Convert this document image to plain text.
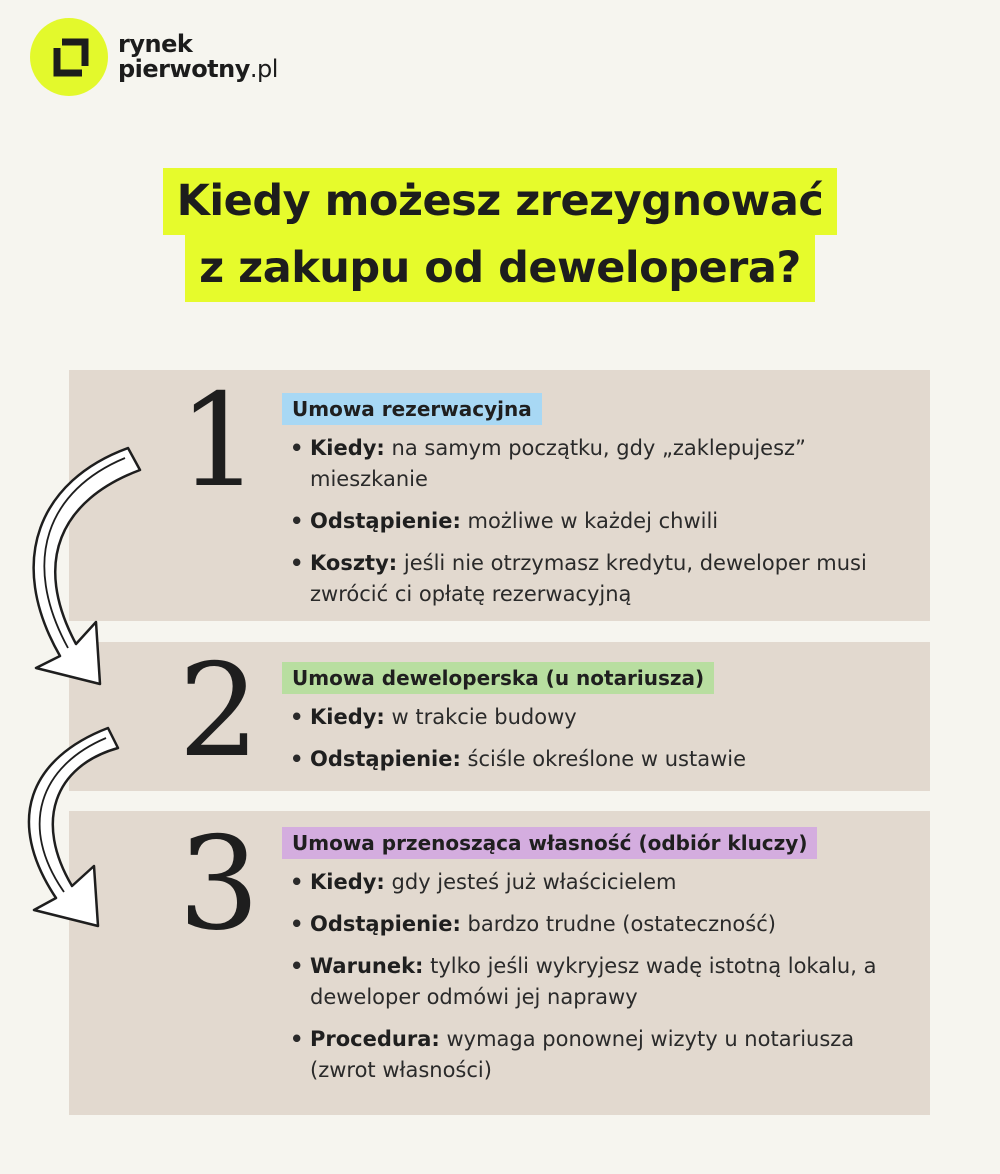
rynek
pierwotny.pl
Kiedy możesz zrezygnować
z zakupu od dewelopera?
1	Umowa rezerwacyjna
• Kiedy: na samym początku, gdy „zaklepujesz” mieszkanie
• Odstąpienie: możliwe w każdej chwili
• Koszty: jeśli nie otrzymasz kredytu, deweloper musi zwrócić ci opłatę rezerwacyjną
2	Umowa deweloperska (u notariusza)
• Kiedy: w trakcie budowy
• Odstąpienie: ściśle określone w ustawie
3	Umowa przenosząca własność (odbiór kluczy)
• Kiedy: gdy jesteś już właścicielem
• Odstąpienie: bardzo trudne (ostateczność)
• Warunek: tylko jeśli wykryjesz wadę istotną lokalu, a deweloper odmówi jej naprawy
• Procedura: wymaga ponownej wizyty u notariusza (zwrot własności)
